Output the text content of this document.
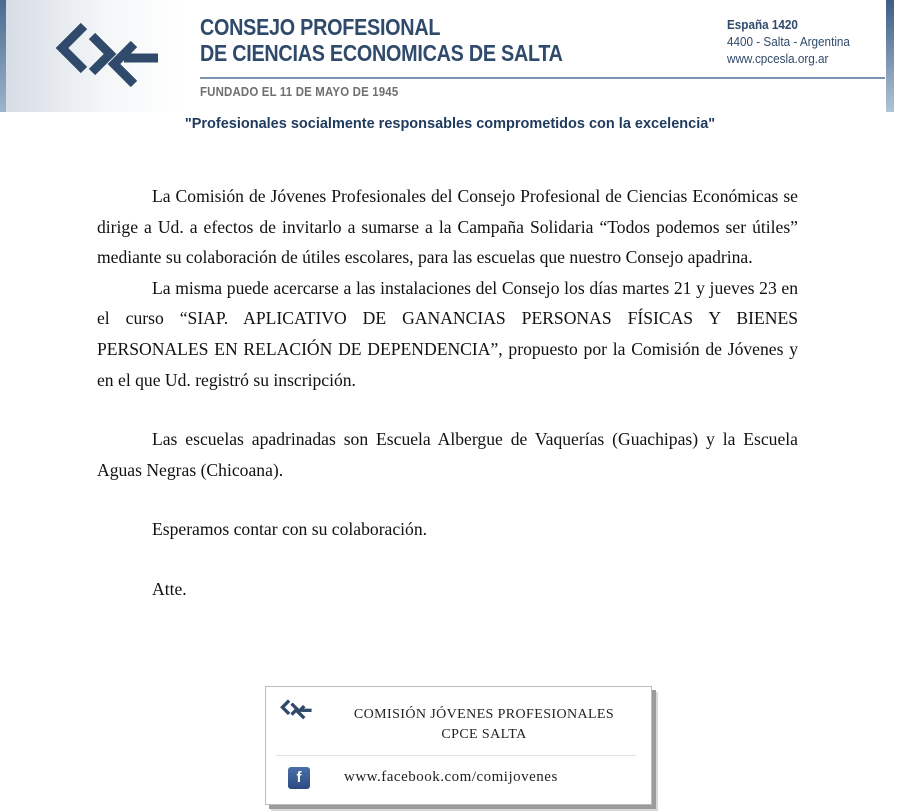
CONSEJO PROFESIONAL
DE CIENCIAS ECONOMICAS DE SALTA
España 1420
4400 - Salta - Argentina
www.cpcesla.org.ar
FUNDADO EL 11 DE MAYO DE 1945
"Profesionales socialmente responsables comprometidos con la excelencia"

La Comisión de Jóvenes Profesionales del Consejo Profesional de Ciencias Económicas se dirige a Ud. a efectos de invitarlo a sumarse a la Campaña Solidaria “Todos podemos ser útiles” mediante su colaboración de útiles escolares, para las escuelas que nuestro Consejo apadrina.

La misma puede acercarse a las instalaciones del Consejo los días martes 21 y jueves 23 en el curso “SIAP. APLICATIVO DE GANANCIAS PERSONAS FÍSICAS Y BIENES PERSONALES EN RELACIÓN DE DEPENDENCIA”, propuesto por la Comisión de Jóvenes y en el que Ud. registró su inscripción.

Las escuelas apadrinadas son Escuela Albergue de Vaquerías (Guachipas) y la Escuela Aguas Negras (Chicoana).

Esperamos contar con su colaboración.

Atte.

COMISIÓN JÓVENES PROFESIONALES
CPCE SALTA
f	www.facebook.com/comijovenes
